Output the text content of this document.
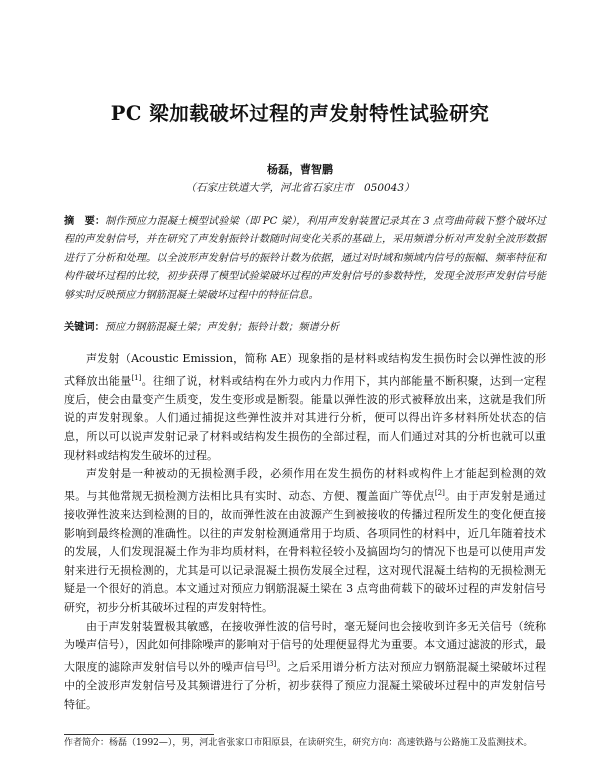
PC 梁加载破坏过程的声发射特性试验研究
杨磊，曹智鹏
（石家庄铁道大学，河北省石家庄市　050043）
摘　要：制作预应力混凝土模型试验梁（即 PC 梁），利用声发射装置记录其在 3 点弯曲荷载下整个破坏过程的声发射信号，并在研究了声发射振铃计数随时间变化关系的基础上，采用频谱分析对声发射全波形数据进行了分析和处理。以全波形声发射信号的振铃计数为依据，通过对时域和频域内信号的振幅、频率特征和构件破坏过程的比较，初步获得了模型试验梁破坏过程的声发射信号的参数特性，发现全波形声发射信号能够实时反映预应力钢筋混凝土梁破坏过程中的特征信息。
关键词：预应力钢筋混凝土梁；声发射；振铃计数；频谱分析

声发射（Acoustic Emission，简称 AE）现象指的是材料或结构发生损伤时会以弹性波的形式释放出能量[1]。往细了说，材料或结构在外力或内力作用下，其内部能量不断积聚，达到一定程度后，使会由量变产生质变，发生变形或是断裂。能量以弹性波的形式被释放出来，这就是我们所说的声发射现象。人们通过捕捉这些弹性波并对其进行分析，便可以得出许多材料所处状态的信息，所以可以说声发射记录了材料或结构发生损伤的全部过程，而人们通过对其的分析也就可以重现材料或结构发生破坏的过程。

声发射是一种被动的无损检测手段，必须作用在发生损伤的材料或构件上才能起到检测的效果。与其他常规无损检测方法相比具有实时、动态、方便、覆盖面广等优点[2]。由于声发射是通过接收弹性波来达到检测的目的，故而弹性波在由波源产生到被接收的传播过程所发生的变化便直接影响到最终检测的准确性。以往的声发射检测通常用于均质、各项同性的材料中，近几年随着技术的发展，人们发现混凝土作为非均质材料，在骨料粒径较小及搞固均匀的情况下也是可以使用声发射来进行无损检测的，尤其是可以记录混凝土损伤发展全过程，这对现代混凝土结构的无损检测无疑是一个很好的消息。本文通过对预应力钢筋混凝土梁在 3 点弯曲荷载下的破坏过程的声发射信号研究，初步分析其破坏过程的声发射特性。

由于声发射装置极其敏感，在接收弹性波的信号时，毫无疑问也会接收到许多无关信号（统称为噪声信号），因此如何排除噪声的影响对于信号的处理便显得尤为重要。本文通过滤波的形式，最大限度的滤除声发射信号以外的噪声信号[3]。之后采用谱分析方法对预应力钢筋混凝土梁破坏过程中的全波形声发射信号及其频谱进行了分析，初步获得了预应力混凝土梁破坏过程中的声发射信号特征。

作者简介：杨磊（1992—），男，河北省张家口市阳原县，在读研究生，研究方向：高速铁路与公路施工及监测技术。
